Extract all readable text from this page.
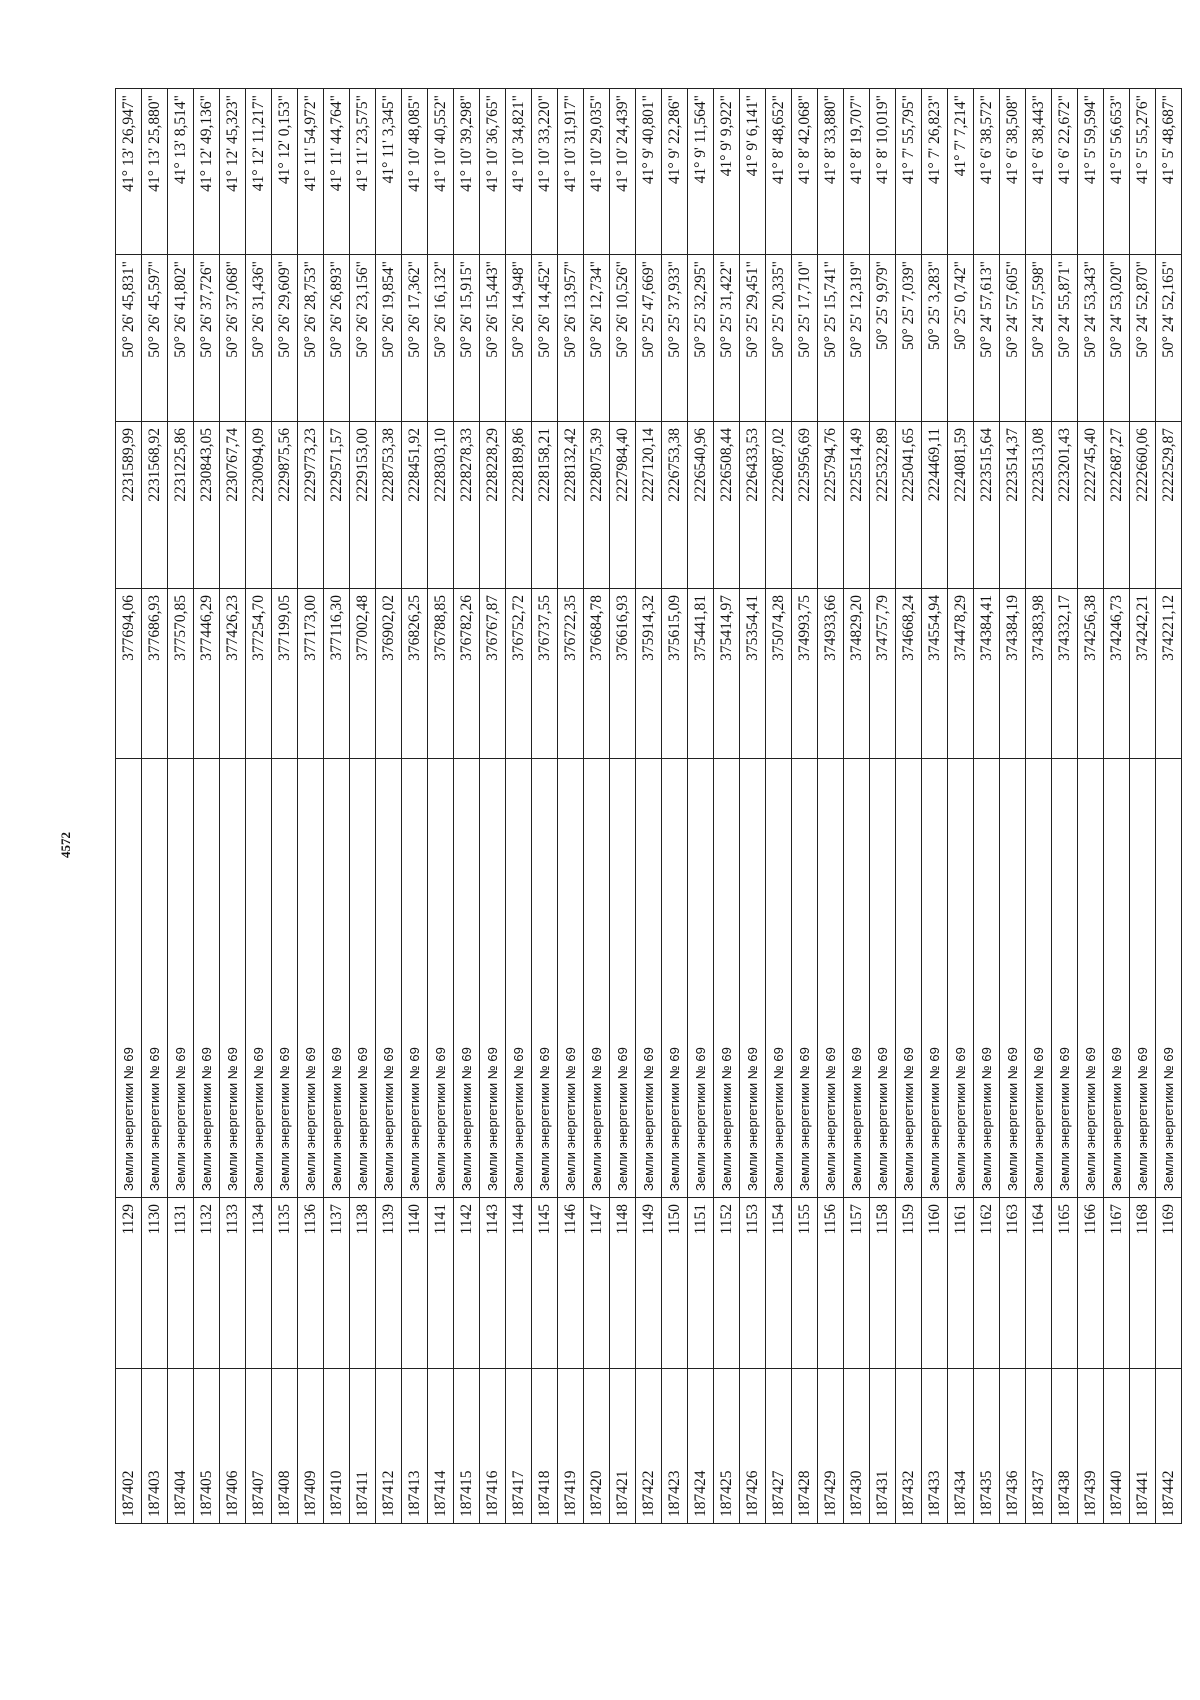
4572
187402	1129	Земли энергетики № 69	377694,06	2231589,99	50° 26' 45,831"	41° 13' 26,947"
187403	1130	Земли энергетики № 69	377686,93	2231568,92	50° 26' 45,597"	41° 13' 25,880"
187404	1131	Земли энергетики № 69	377570,85	2231225,86	50° 26' 41,802"	41° 13' 8,514"
187405	1132	Земли энергетики № 69	377446,29	2230843,05	50° 26' 37,726"	41° 12' 49,136"
187406	1133	Земли энергетики № 69	377426,23	2230767,74	50° 26' 37,068"	41° 12' 45,323"
187407	1134	Земли энергетики № 69	377254,70	2230094,09	50° 26' 31,436"	41° 12' 11,217"
187408	1135	Земли энергетики № 69	377199,05	2229875,56	50° 26' 29,609"	41° 12' 0,153"
187409	1136	Земли энергетики № 69	377173,00	2229773,23	50° 26' 28,753"	41° 11' 54,972"
187410	1137	Земли энергетики № 69	377116,30	2229571,57	50° 26' 26,893"	41° 11' 44,764"
187411	1138	Земли энергетики № 69	377002,48	2229153,00	50° 26' 23,156"	41° 11' 23,575"
187412	1139	Земли энергетики № 69	376902,02	2228753,38	50° 26' 19,854"	41° 11' 3,345"
187413	1140	Земли энергетики № 69	376826,25	2228451,92	50° 26' 17,362"	41° 10' 48,085"
187414	1141	Земли энергетики № 69	376788,85	2228303,10	50° 26' 16,132"	41° 10' 40,552"
187415	1142	Земли энергетики № 69	376782,26	2228278,33	50° 26' 15,915"	41° 10' 39,298"
187416	1143	Земли энергетики № 69	376767,87	2228228,29	50° 26' 15,443"	41° 10' 36,765"
187417	1144	Земли энергетики № 69	376752,72	2228189,86	50° 26' 14,948"	41° 10' 34,821"
187418	1145	Земли энергетики № 69	376737,55	2228158,21	50° 26' 14,452"	41° 10' 33,220"
187419	1146	Земли энергетики № 69	376722,35	2228132,42	50° 26' 13,957"	41° 10' 31,917"
187420	1147	Земли энергетики № 69	376684,78	2228075,39	50° 26' 12,734"	41° 10' 29,035"
187421	1148	Земли энергетики № 69	376616,93	2227984,40	50° 26' 10,526"	41° 10' 24,439"
187422	1149	Земли энергетики № 69	375914,32	2227120,14	50° 25' 47,669"	41° 9' 40,801"
187423	1150	Земли энергетики № 69	375615,09	2226753,38	50° 25' 37,933"	41° 9' 22,286"
187424	1151	Земли энергетики № 69	375441,81	2226540,96	50° 25' 32,295"	41° 9' 11,564"
187425	1152	Земли энергетики № 69	375414,97	2226508,44	50° 25' 31,422"	41° 9' 9,922"
187426	1153	Земли энергетики № 69	375354,41	2226433,53	50° 25' 29,451"	41° 9' 6,141"
187427	1154	Земли энергетики № 69	375074,28	2226087,02	50° 25' 20,335"	41° 8' 48,652"
187428	1155	Земли энергетики № 69	374993,75	2225956,69	50° 25' 17,710"	41° 8' 42,068"
187429	1156	Земли энергетики № 69	374933,66	2225794,76	50° 25' 15,741"	41° 8' 33,880"
187430	1157	Земли энергетики № 69	374829,20	2225514,49	50° 25' 12,319"	41° 8' 19,707"
187431	1158	Земли энергетики № 69	374757,79	2225322,89	50° 25' 9,979"	41° 8' 10,019"
187432	1159	Земли энергетики № 69	374668,24	2225041,65	50° 25' 7,039"	41° 7' 55,795"
187433	1160	Земли энергетики № 69	374554,94	2224469,11	50° 25' 3,283"	41° 7' 26,823"
187434	1161	Земли энергетики № 69	374478,29	2224081,59	50° 25' 0,742"	41° 7' 7,214"
187435	1162	Земли энергетики № 69	374384,41	2223515,64	50° 24' 57,613"	41° 6' 38,572"
187436	1163	Земли энергетики № 69	374384,19	2223514,37	50° 24' 57,605"	41° 6' 38,508"
187437	1164	Земли энергетики № 69	374383,98	2223513,08	50° 24' 57,598"	41° 6' 38,443"
187438	1165	Земли энергетики № 69	374332,17	2223201,43	50° 24' 55,871"	41° 6' 22,672"
187439	1166	Земли энергетики № 69	374256,38	2222745,40	50° 24' 53,343"	41° 5' 59,594"
187440	1167	Земли энергетики № 69	374246,73	2222687,27	50° 24' 53,020"	41° 5' 56,653"
187441	1168	Земли энергетики № 69	374242,21	2222660,06	50° 24' 52,870"	41° 5' 55,276"
187442	1169	Земли энергетики № 69	374221,12	2222529,87	50° 24' 52,165"	41° 5' 48,687"
